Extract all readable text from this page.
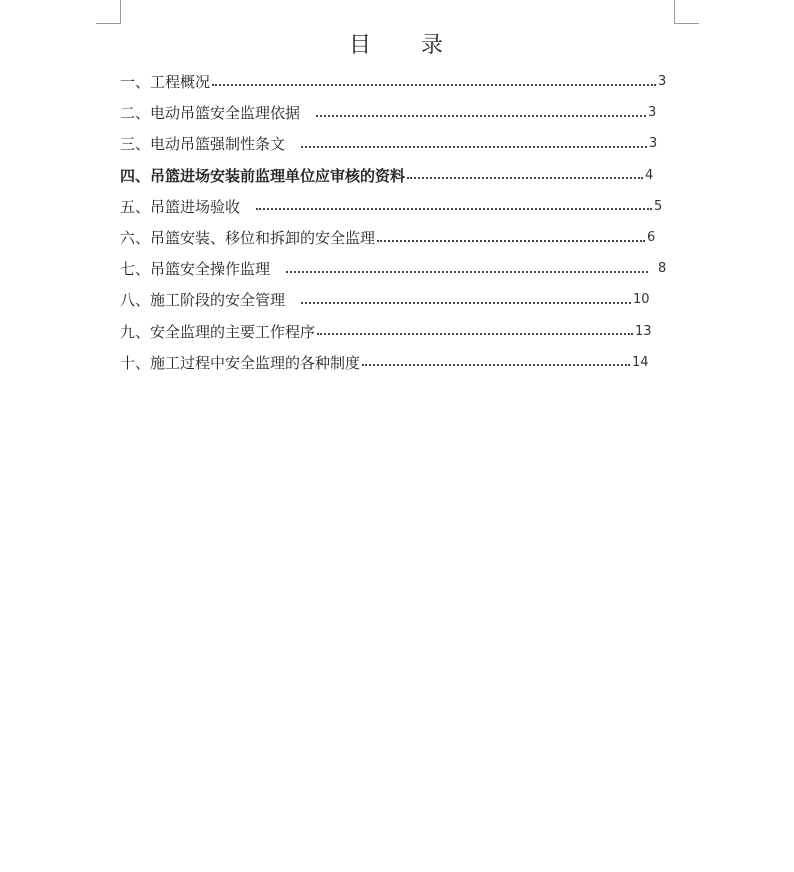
目 录
一、工程概况	3
二、电动吊篮安全监理依据	3
三、电动吊篮强制性条文	3
四、吊篮进场安装前监理单位应审核的资料	4
五、吊篮进场验收	5
六、吊篮安装、移位和拆卸的安全监理	6
七、吊篮安全操作监理	8
八、施工阶段的安全管理	10
九、安全监理的主要工作程序	13
十、施工过程中安全监理的各种制度	14
